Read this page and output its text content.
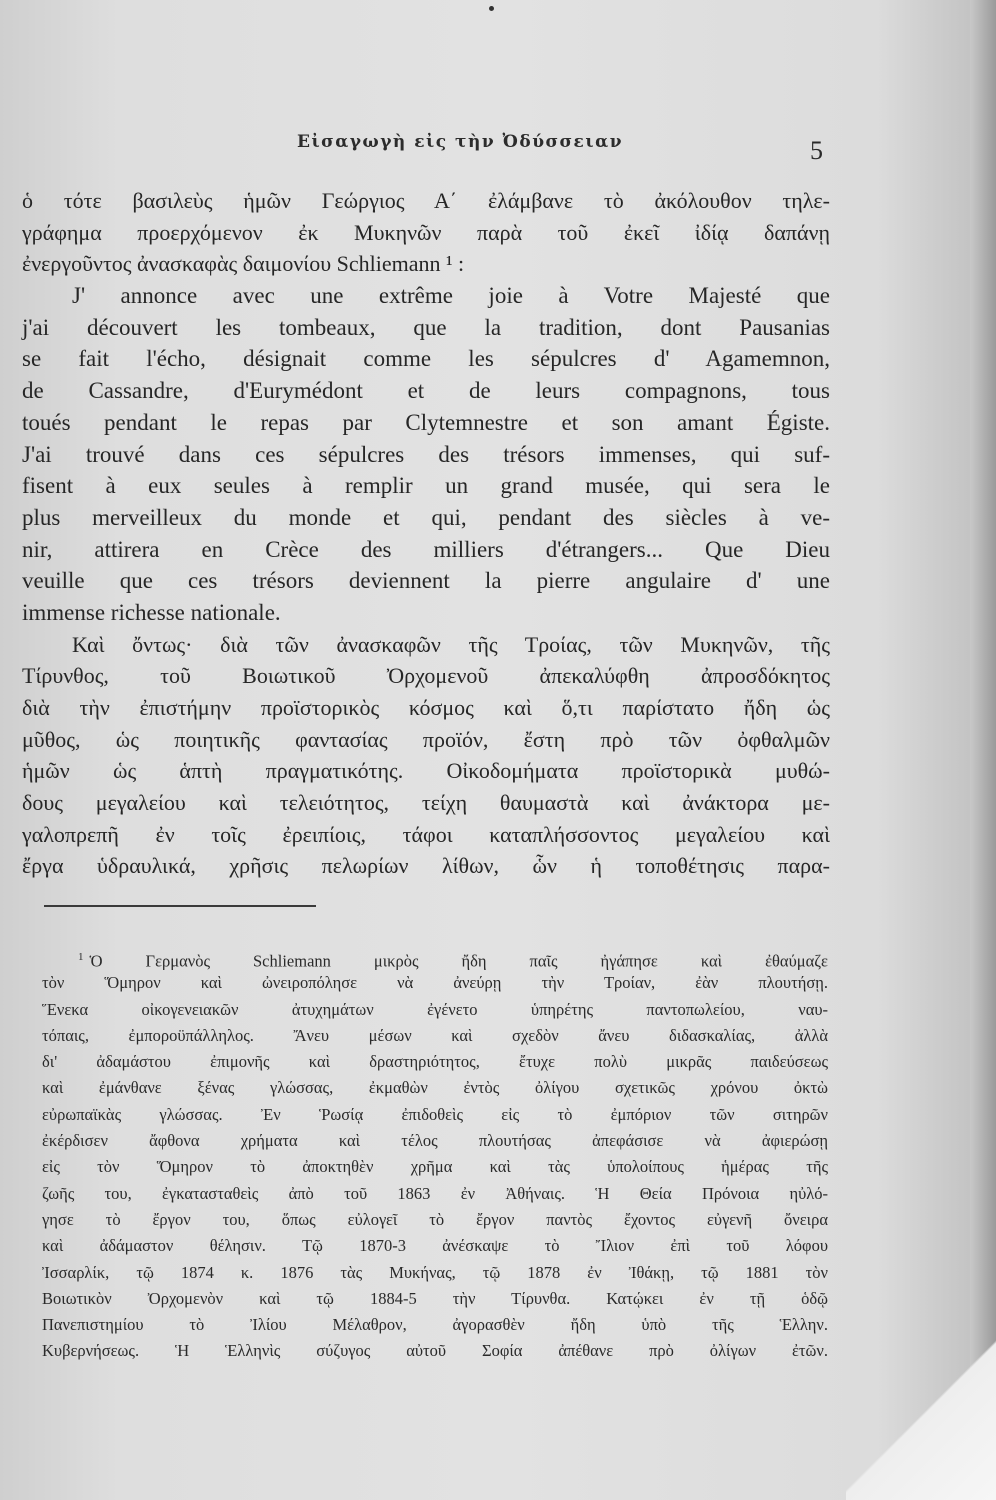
Εἰσαγωγὴ εἰς τὴν Ὀδύσσειαν	5
ὁ τότε βασιλεὺς ἡμῶν Γεώργιος Α΄ ἐλάμβανε τὸ ἀκόλουθον τηλε-
γράφημα προερχόμενον ἐκ Μυκηνῶν παρὰ τοῦ ἐκεῖ ἰδίᾳ δαπάνῃ
ἐνεργοῦντος ἀνασκαφὰς δαιμονίου Schliemann ¹ :
J' annonce avec une extrême joie à Votre Majesté que
j'ai découvert les tombeaux, que la tradition, dont Pausanias
se fait l'écho, désignait comme les sépulcres d' Agamemnon,
de Cassandre, d'Eurymédont et de leurs compagnons, tous
toués pendant le repas par Clytemnestre et son amant Égiste.
J'ai trouvé dans ces sépulcres des trésors immenses, qui suf-
fisent à eux seules à remplir un grand musée, qui sera le
plus merveilleux du monde et qui, pendant des siècles à ve-
nir, attirera en Crèce des milliers d'étrangers... Que Dieu
veuille que ces trésors deviennent la pierre angulaire d' une
immense richesse nationale.
Καὶ ὄντως· διὰ τῶν ἀνασκαφῶν τῆς Τροίας, τῶν Μυκηνῶν, τῆς
Τίρυνθος, τοῦ Βοιωτικοῦ Ὀρχομενοῦ ἀπεκαλύφθη ἀπροσδόκητος
διὰ τὴν ἐπιστήμην προϊστορικὸς κόσμος καὶ ὅ,τι παρίστατο ἤδη ὡς
μῦθος, ὡς ποιητικῆς φαντασίας προϊόν, ἔστη πρὸ τῶν ὀφθαλμῶν
ἡμῶν ὡς ἁπτὴ πραγματικότης. Οἰκοδομήματα προϊστορικὰ μυθώ-
δους μεγαλείου καὶ τελειότητος, τείχη θαυμαστὰ καὶ ἀνάκτορα με-
γαλοπρεπῆ ἐν τοῖς ἐρειπίοις, τάφοι καταπλήσσοντος μεγαλείου καὶ
ἔργα ὑδραυλικά, χρῆσις πελωρίων λίθων, ὧν ἡ τοποθέτησις παρα-
$^1$ Ὁ Γερμανὸς Schliemann μικρὸς ἤδη παῖς ἠγάπησε καὶ ἐθαύμαζε
τὸν Ὅμηρον καὶ ὠνειροπόλησε νὰ ἀνεύρῃ τὴν Τροίαν, ἐὰν πλουτήσῃ.
Ἕνεκα οἰκογενειακῶν ἀτυχημάτων ἐγένετο ὑπηρέτης παντοπωλείου, ναυ-
τόπαις, ἐμποροϋπάλληλος. Ἄνευ μέσων καὶ σχεδὸν ἄνευ διδασκαλίας, ἀλλὰ
δι' ἀδαμάστου ἐπιμονῆς καὶ δραστηριότητος, ἔτυχε πολὺ μικρᾶς παιδεύσεως
καὶ ἐμάνθανε ξένας γλώσσας, ἐκμαθὼν ἐντὸς ὀλίγου σχετικῶς χρόνου ὀκτὼ
εὐρωπαϊκὰς γλώσσας. Ἐν Ῥωσίᾳ ἐπιδοθεὶς εἰς τὸ ἐμπόριον τῶν σιτηρῶν
ἐκέρδισεν ἄφθονα χρήματα καὶ τέλος πλουτήσας ἀπεφάσισε νὰ ἀφιερώσῃ
εἰς τὸν Ὅμηρον τὸ ἀποκτηθὲν χρῆμα καὶ τὰς ὑπολοίπους ἡμέρας τῆς
ζωῆς του, ἐγκατασταθεὶς ἀπὸ τοῦ 1863 ἐν Ἀθήναις. Ἡ Θεία Πρόνοια ηὐλό-
γησε τὸ ἔργον του, ὅπως εὐλογεῖ τὸ ἔργον παντὸς ἔχοντος εὐγενῆ ὄνειρα
καὶ ἀδάμαστον θέλησιν. Τῷ 1870-3 ἀνέσκαψε τὸ Ἴλιον ἐπὶ τοῦ λόφου
Ἰσσαρλίκ, τῷ 1874 κ. 1876 τὰς Μυκήνας, τῷ 1878 ἐν Ἰθάκῃ, τῷ 1881 τὸν
Βοιωτικὸν Ὀρχομενὸν καὶ τῷ 1884-5 τὴν Τίρυνθα. Κατῴκει ἐν τῇ ὁδῷ
Πανεπιστημίου τὸ Ἰλίου Μέλαθρον, ἀγορασθὲν ἤδη ὑπὸ τῆς Ἑλλην.
Κυβερνήσεως. Ἡ Ἑλληνὶς σύζυγος αὐτοῦ Σοφία ἀπέθανε πρὸ ὀλίγων ἐτῶν.
